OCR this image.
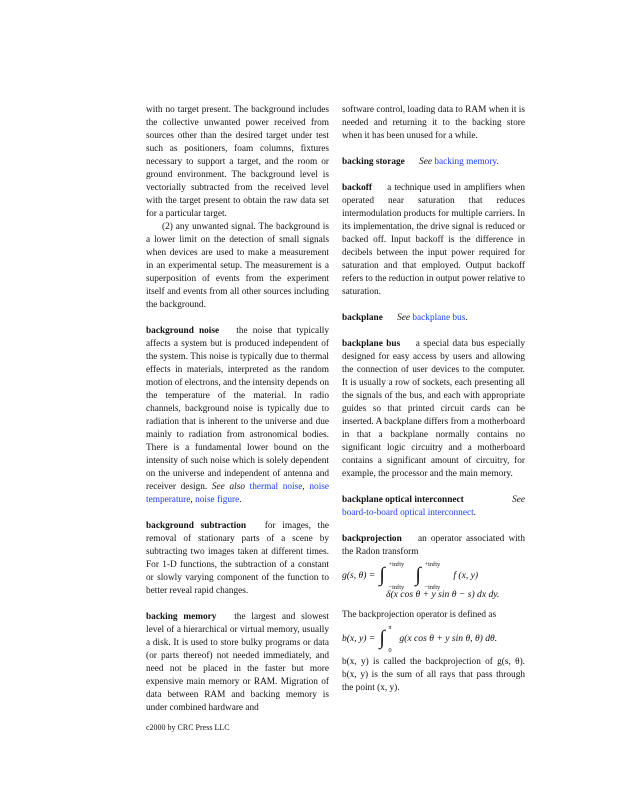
with no target present. The background includes the collective unwanted power received from sources other than the desired target under test such as positioners, foam columns, fixtures necessary to support a target, and the room or ground environment. The background level is vectorially subtracted from the received level with the target present to obtain the raw data set for a particular target.

(2) any unwanted signal. The background is a lower limit on the detection of small signals when devices are used to make a measurement in an experimental setup. The measurement is a superposition of events from the experiment itself and events from all other sources including the background.

background noise the noise that typically affects a system but is produced independent of the system. This noise is typically due to thermal effects in materials, interpreted as the random motion of electrons, and the intensity depends on the temperature of the material. In radio channels, background noise is typically due to radiation that is inherent to the universe and due mainly to radiation from astronomical bodies. There is a fundamental lower bound on the intensity of such noise which is solely dependent on the universe and independent of antenna and receiver design. See also thermal noise, noise temperature, noise figure.

background subtraction for images, the removal of stationary parts of a scene by subtracting two images taken at different times. For 1-D functions, the subtraction of a constant or slowly varying component of the function to better reveal rapid changes.

backing memory the largest and slowest level of a hierarchical or virtual memory, usually a disk. It is used to store bulky programs or data (or parts thereof) not needed immediately, and need not be placed in the faster but more expensive main memory or RAM. Migration of data between RAM and backing memory is under combined hardware and

software control, loading data to RAM when it is needed and returning it to the backing store when it has been unused for a while.

backing storage See backing memory.

backoff a technique used in amplifiers when operated near saturation that reduces intermodulation products for multiple carriers. In its implementation, the drive signal is reduced or backed off. Input backoff is the difference in decibels between the input power required for saturation and that employed. Output backoff refers to the reduction in output power relative to saturation.

backplane See backplane bus.

backplane bus a special data bus especially designed for easy access by users and allowing the connection of user devices to the computer. It is usually a row of sockets, each presenting all the signals of the bus, and each with appropriate guides so that printed circuit cards can be inserted. A backplane differs from a motherboard in that a backplane normally contains no significant logic circuitry and a motherboard contains a significant amount of circuitry, for example, the processor and the main memory.

backplane optical interconnect	See

board-to-board optical interconnect.

backprojection an operator associated with the Radon transform

g(s, θ) = ∫ +infty
−infty
∫ +infty
−infty
f (x, y)
δ(x cos θ + y sin θ − s) dx dy.

The backprojection operator is defined as

b(x, y) = ∫ π
0
g(x cos θ + y sin θ, θ) dθ.

b(x, y) is called the backprojection of g(s, θ). b(x, y) is the sum of all rays that pass through the point (x, y).

c2000 by CRC Press LLC
